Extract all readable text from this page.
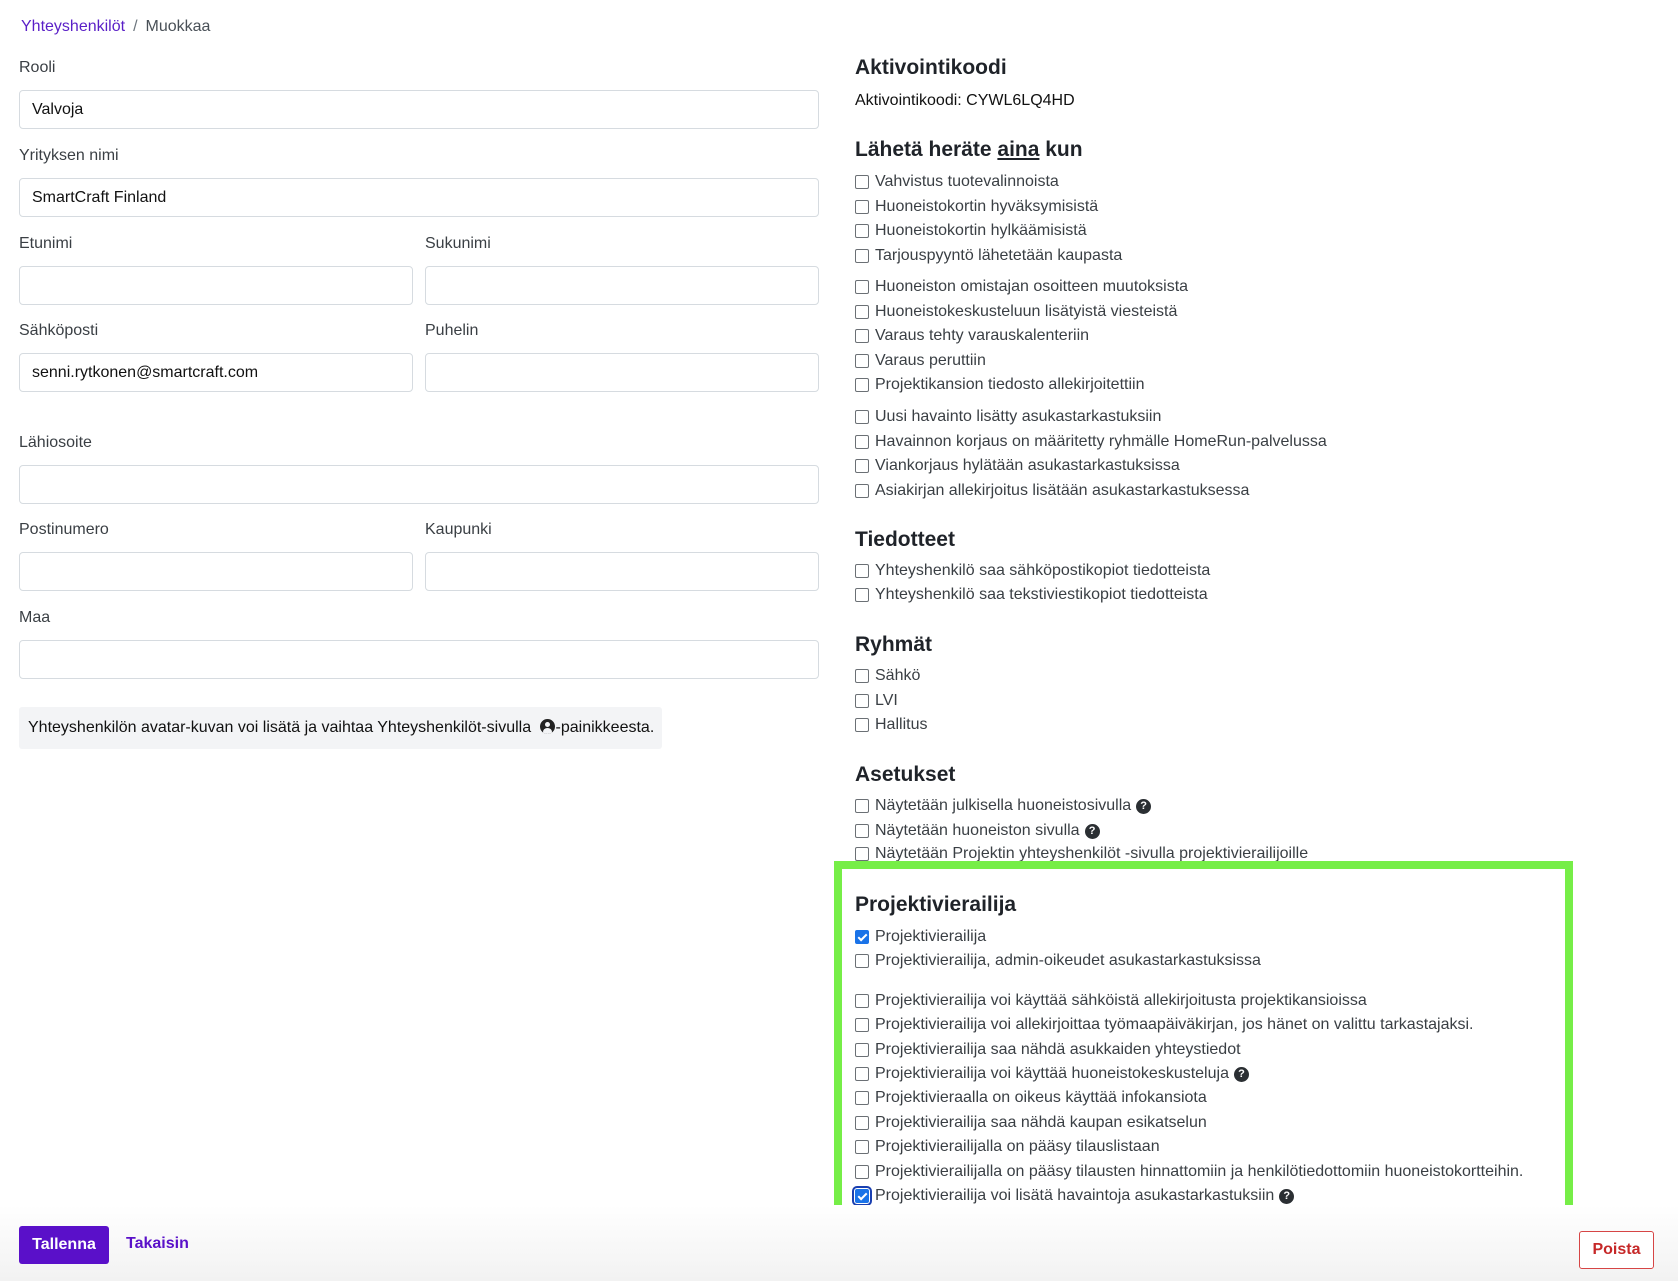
Yhteyshenkilöt / Muokkaa
Rooli
Valvoja
Yrityksen nimi
SmartCraft Finland
Etunimi	Sukunimi
Sähköposti
senni.rytkonen@smartcraft.com
Puhelin
Lähiosoite
Postinumero	Kaupunki
Maa
Yhteyshenkilön avatar-kuvan voi lisätä ja vaihtaa Yhteyshenkilöt-sivulla -painikkeesta.
Aktivointikoodi
Aktivointikoodi: CYWL6LQ4HD
Lähetä heräte aina kun
Vahvistus tuotevalinnoista
Huoneistokortin hyväksymisistä
Huoneistokortin hylkäämisistä
Tarjouspyyntö lähetetään kaupasta
Huoneiston omistajan osoitteen muutoksista
Huoneistokeskusteluun lisätyistä viesteistä
Varaus tehty varauskalenteriin
Varaus peruttiin
Projektikansion tiedosto allekirjoitettiin
Uusi havainto lisätty asukastarkastuksiin
Havainnon korjaus on määritetty ryhmälle HomeRun-palvelussa
Viankorjaus hylätään asukastarkastuksissa
Asiakirjan allekirjoitus lisätään asukastarkastuksessa
Tiedotteet
Yhteyshenkilö saa sähköpostikopiot tiedotteista
Yhteyshenkilö saa tekstiviestikopiot tiedotteista
Ryhmät
Sähkö
LVI
Hallitus
Asetukset
Näytetään julkisella huoneistosivulla ?
Näytetään huoneiston sivulla ?
Näytetään Projektin yhteyshenkilöt -sivulla projektivierailijoille
Projektivierailija
Projektivierailija
Projektivierailija, admin-oikeudet asukastarkastuksissa
Projektivierailija voi käyttää sähköistä allekirjoitusta projektikansioissa
Projektivierailija voi allekirjoittaa työmaapäiväkirjan, jos hänet on valittu tarkastajaksi.
Projektivierailija saa nähdä asukkaiden yhteystiedot
Projektivierailija voi käyttää huoneistokeskusteluja ?
Projektivieraalla on oikeus käyttää infokansiota
Projektivierailija saa nähdä kaupan esikatselun
Projektivierailijalla on pääsy tilauslistaan
Projektivierailijalla on pääsy tilausten hinnattomiin ja henkilötiedottomiin huoneistokortteihin.
Projektivierailija voi lisätä havaintoja asukastarkastuksiin ?
Tallenna	Takaisin	Poista
